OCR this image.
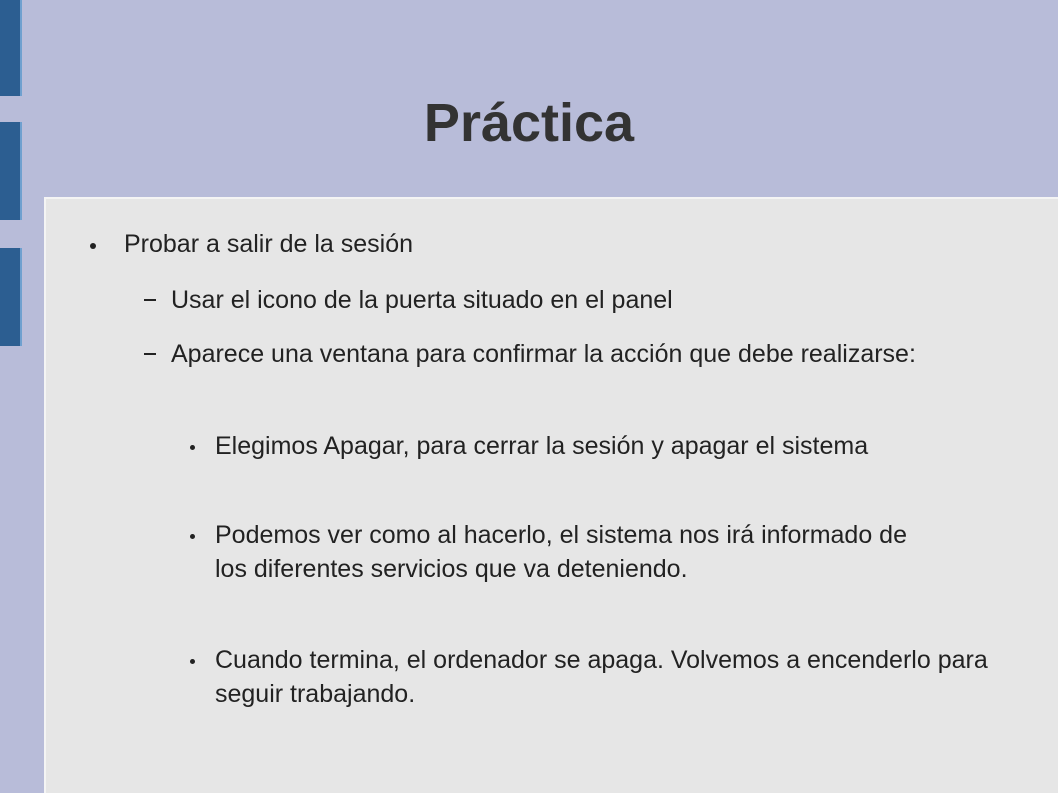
Práctica
Probar a salir de la sesión
Usar el icono de la puerta situado en el panel
Aparece una ventana para confirmar la acción que debe realizarse:
Elegimos Apagar, para cerrar la sesión y apagar el sistema
Podemos ver como al hacerlo, el sistema nos irá informado de los diferentes servicios que va deteniendo.
Cuando termina, el ordenador se apaga. Volvemos a encenderlo para seguir trabajando.
